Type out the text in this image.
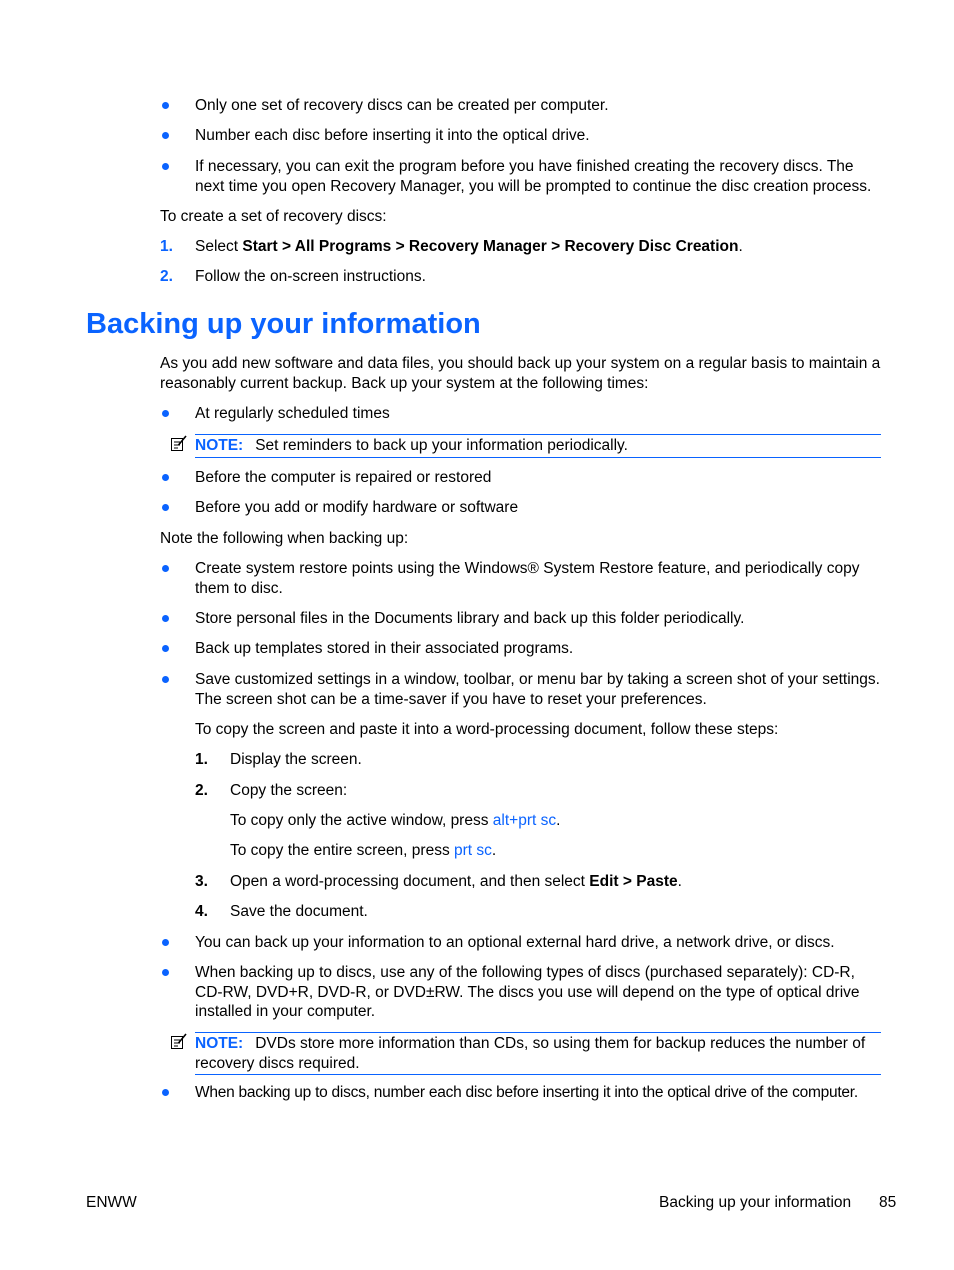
Only one set of recovery discs can be created per computer.
Number each disc before inserting it into the optical drive.
If necessary, you can exit the program before you have finished creating the recovery discs. The next time you open Recovery Manager, you will be prompted to continue the disc creation process.
To create a set of recovery discs:
1. Select Start > All Programs > Recovery Manager > Recovery Disc Creation.
2. Follow the on-screen instructions.
Backing up your information
As you add new software and data files, you should back up your system on a regular basis to maintain a reasonably current backup. Back up your system at the following times:
At regularly scheduled times
NOTE: Set reminders to back up your information periodically.
Before the computer is repaired or restored
Before you add or modify hardware or software
Note the following when backing up:
Create system restore points using the Windows® System Restore feature, and periodically copy them to disc.
Store personal files in the Documents library and back up this folder periodically.
Back up templates stored in their associated programs.
Save customized settings in a window, toolbar, or menu bar by taking a screen shot of your settings. The screen shot can be a time-saver if you have to reset your preferences.
To copy the screen and paste it into a word-processing document, follow these steps:
1. Display the screen.
2. Copy the screen:
To copy only the active window, press alt+prt sc.
To copy the entire screen, press prt sc.
3. Open a word-processing document, and then select Edit > Paste.
4. Save the document.
You can back up your information to an optional external hard drive, a network drive, or discs.
When backing up to discs, use any of the following types of discs (purchased separately): CD-R, CD-RW, DVD+R, DVD-R, or DVD±RW. The discs you use will depend on the type of optical drive installed in your computer.
NOTE: DVDs store more information than CDs, so using them for backup reduces the number of recovery discs required.
When backing up to discs, number each disc before inserting it into the optical drive of the computer.
ENWW	Backing up your information 85
